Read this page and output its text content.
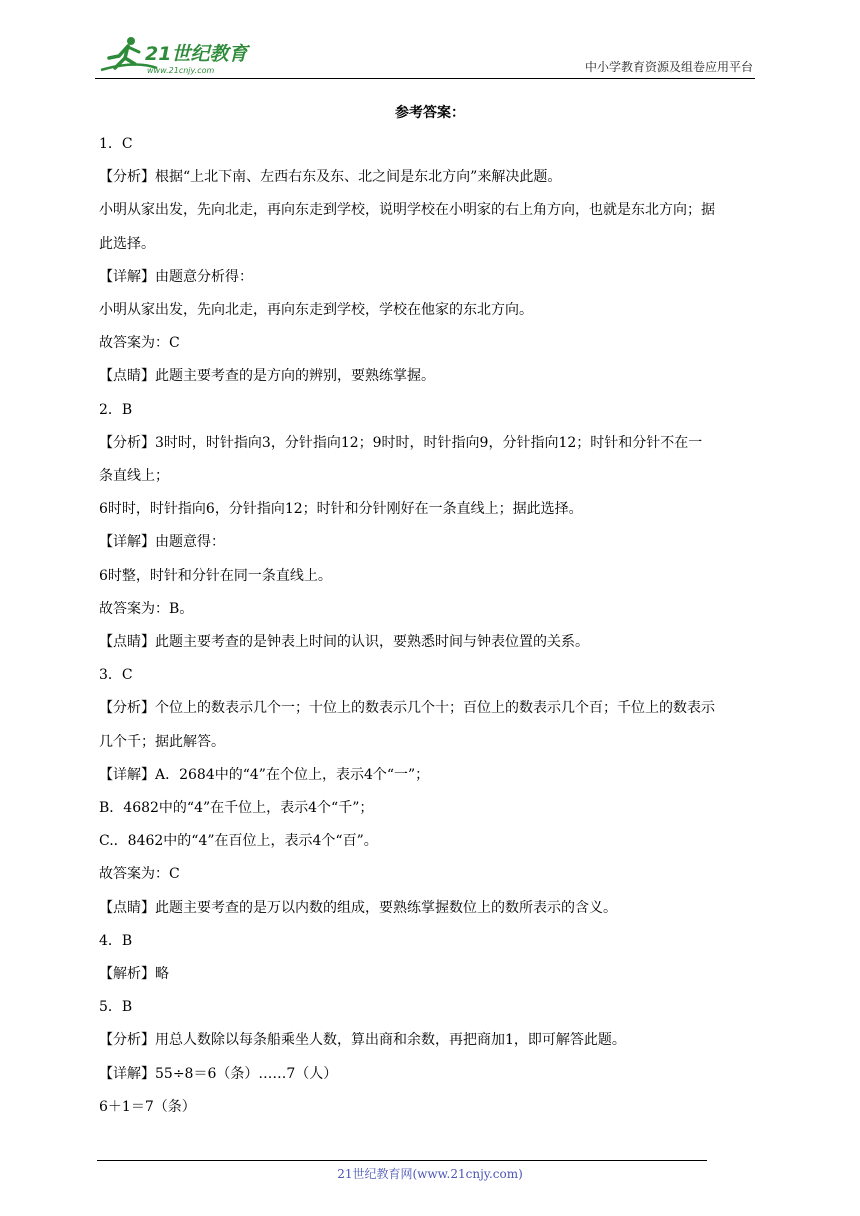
21世纪教育
www.21cnjy.com	中小学教育资源及组卷应用平台
参考答案：

1．C

【分析】根据“上北下南、左西右东及东、北之间是东北方向”来解决此题。

小明从家出发，先向北走，再向东走到学校，说明学校在小明家的右上角方向，也就是东北方向；据

此选择。

【详解】由题意分析得：

小明从家出发，先向北走，再向东走到学校，学校在他家的东北方向。

故答案为：C

【点睛】此题主要考查的是方向的辨别，要熟练掌握。

2．B

【分析】3时时，时针指向3，分针指向12；9时时，时针指向9，分针指向12；时针和分针不在一

条直线上；

6时时，时针指向6，分针指向12；时针和分针刚好在一条直线上；据此选择。

【详解】由题意得：

6时整，时针和分针在同一条直线上。

故答案为：B。

【点睛】此题主要考查的是钟表上时间的认识，要熟悉时间与钟表位置的关系。

3．C

【分析】个位上的数表示几个一；十位上的数表示几个十；百位上的数表示几个百；千位上的数表示

几个千；据此解答。

【详解】A．2684中的“4”在个位上，表示4个“一”；

B．4682中的“4”在千位上，表示4个“千”；

C.．8462中的“4”在百位上，表示4个“百”。

故答案为：C

【点睛】此题主要考查的是万以内数的组成，要熟练掌握数位上的数所表示的含义。

4．B

【解析】略

5．B

【分析】用总人数除以每条船乘坐人数，算出商和余数，再把商加1，即可解答此题。

【详解】55÷8＝6（条）……7（人）

6＋1＝7（条）

21世纪教育网(www.21cnjy.com)
